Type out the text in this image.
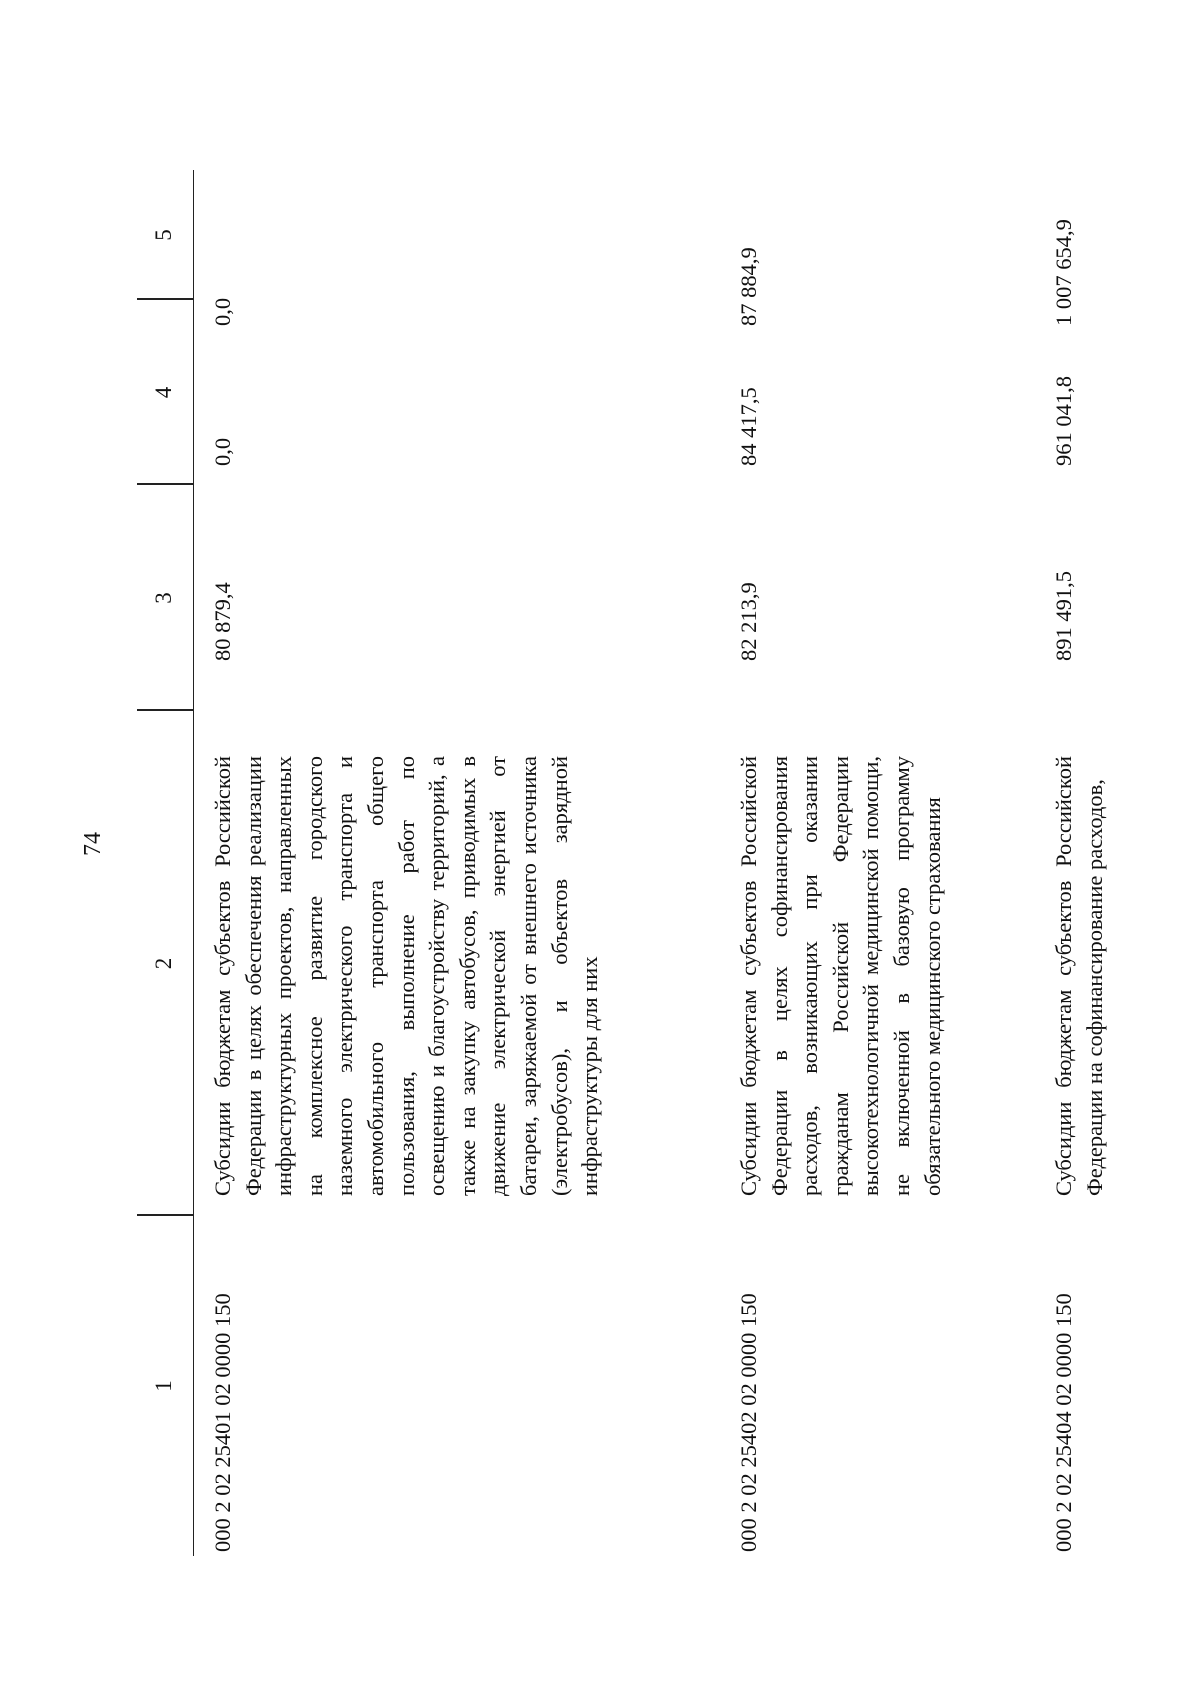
74
1
2
3
4
5
000 2 02 25401 02 0000 150
Субсидии бюджетам субъектов Российской Федерации в целях обеспечения реализации инфраструктурных проектов, направленных на комплексное развитие городского наземного электрического транспорта и автомобильного транспорта общего пользования, выполнение работ по освещению и благоустройству территорий, а также на закупку автобусов, приводимых в движение электрической энергией от батареи, заряжаемой от внешнего источника (электробусов), и объектов зарядной инфраструктуры для них
80 879,4
0,0
0,0
000 2 02 25402 02 0000 150
Субсидии бюджетам субъектов Российской Федерации в целях софинансирования расходов, возникающих при оказании гражданам Российской Федерации высокотехнологичной медицинской помощи, не включенной в базовую программу обязательного медицинского страхования
82 213,9
84 417,5
87 884,9
000 2 02 25404 02 0000 150
Субсидии бюджетам субъектов Российской Федерации на софинансирование расходов,
891 491,5
961 041,8
1 007 654,9
